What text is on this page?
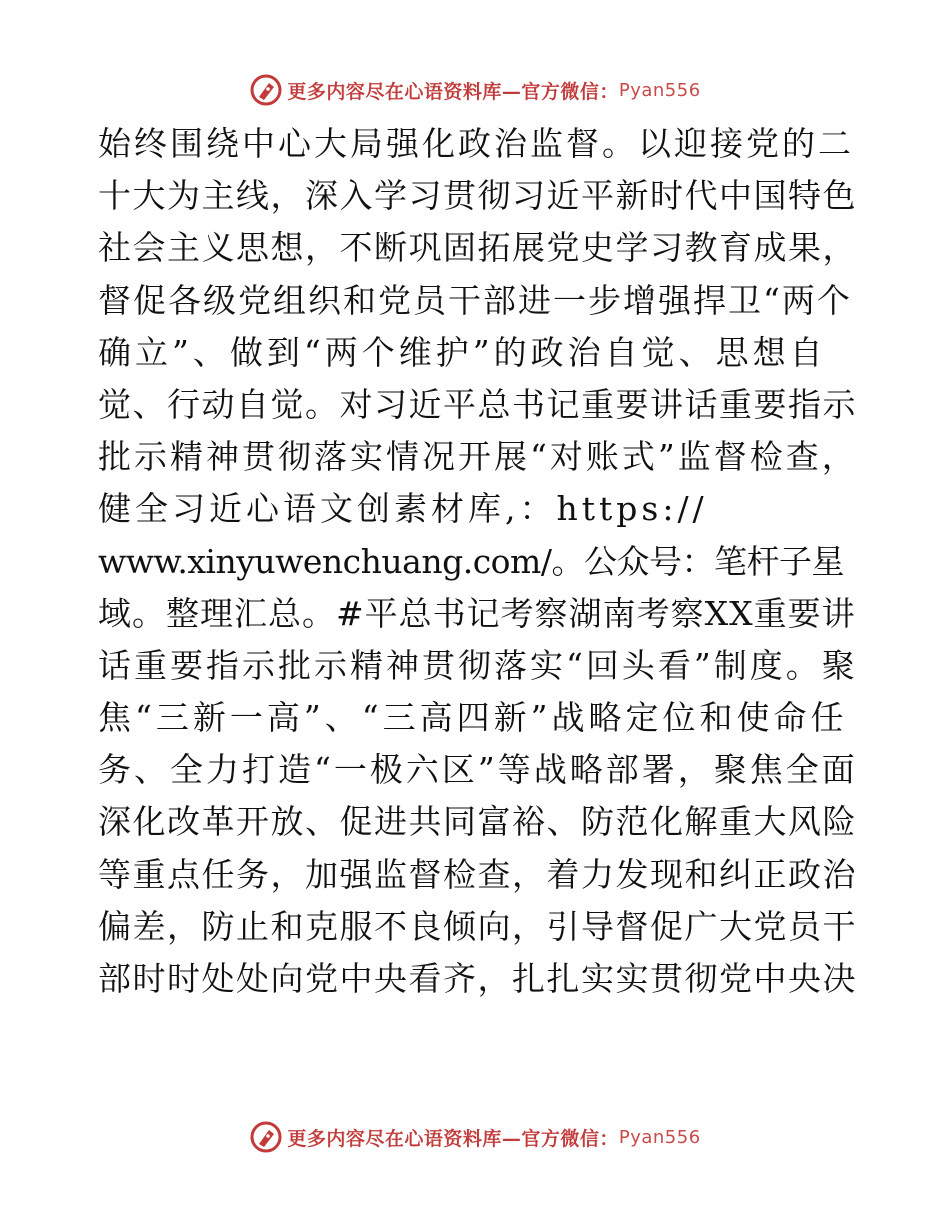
更多内容尽在心语资料库—官方微信： Pyan556
始终围绕中心大局强化政治监督。以迎接党的二
十大为主线，深入学习贯彻习近平新时代中国特色
社会主义思想，不断巩固拓展党史学习教育成果，
督促各级党组织和党员干部进一步增强捍卫“两个
确立”、做到“两个维护”的政治自觉、思想自
觉、行动自觉。对习近平总书记重要讲话重要指示
批示精神贯彻落实情况开展“对账式”监督检查，
健全习近心语文创素材库,：https://
www.xinyuwenchuang.com/。公众号：笔杆子星
域。整理汇总。#平总书记考察湖南考察XX重要讲
话重要指示批示精神贯彻落实“回头看”制度。聚
焦“三新一高”、“三高四新”战略定位和使命任
务、全力打造“一极六区”等战略部署，聚焦全面
深化改革开放、促进共同富裕、防范化解重大风险
等重点任务，加强监督检查，着力发现和纠正政治
偏差，防止和克服不良倾向，引导督促广大党员干
部时时处处向党中央看齐，扎扎实实贯彻党中央决
更多内容尽在心语资料库—官方微信： Pyan556
